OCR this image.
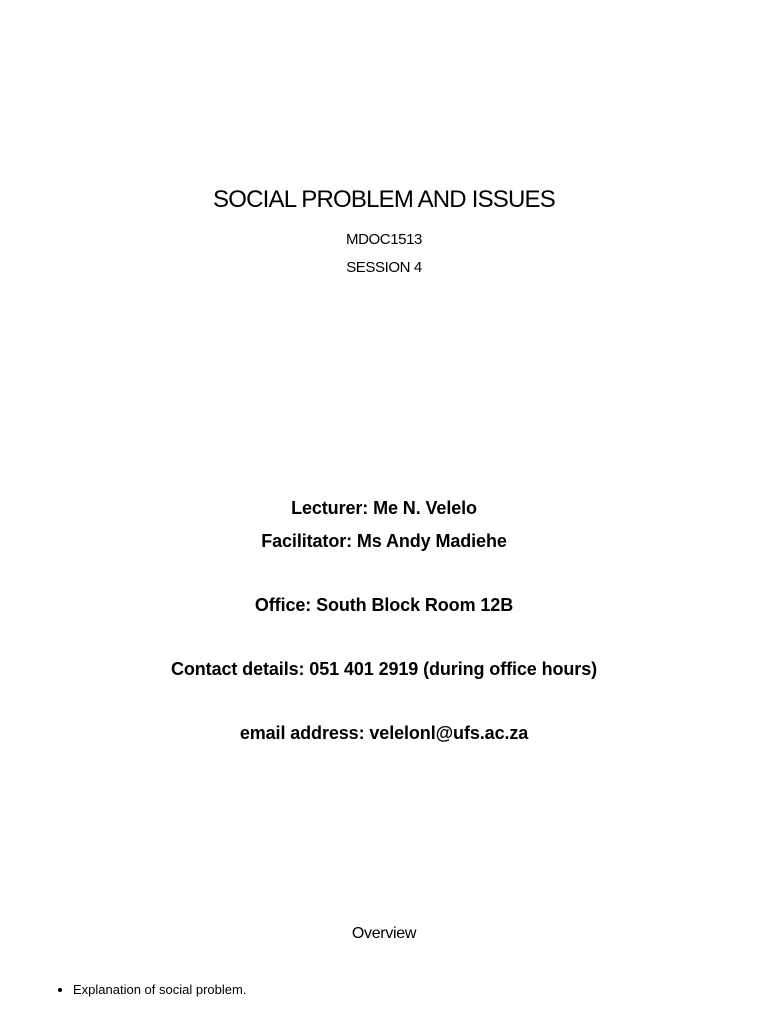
SOCIAL PROBLEM AND ISSUES
MDOC1513
SESSION 4
Lecturer: Me N. Velelo
Facilitator: Ms Andy Madiehe
Office: South Block Room 12B
Contact details: 051 401 2919 (during office hours)
email address: velelonl@ufs.ac.za
Overview
Explanation of social problem.
